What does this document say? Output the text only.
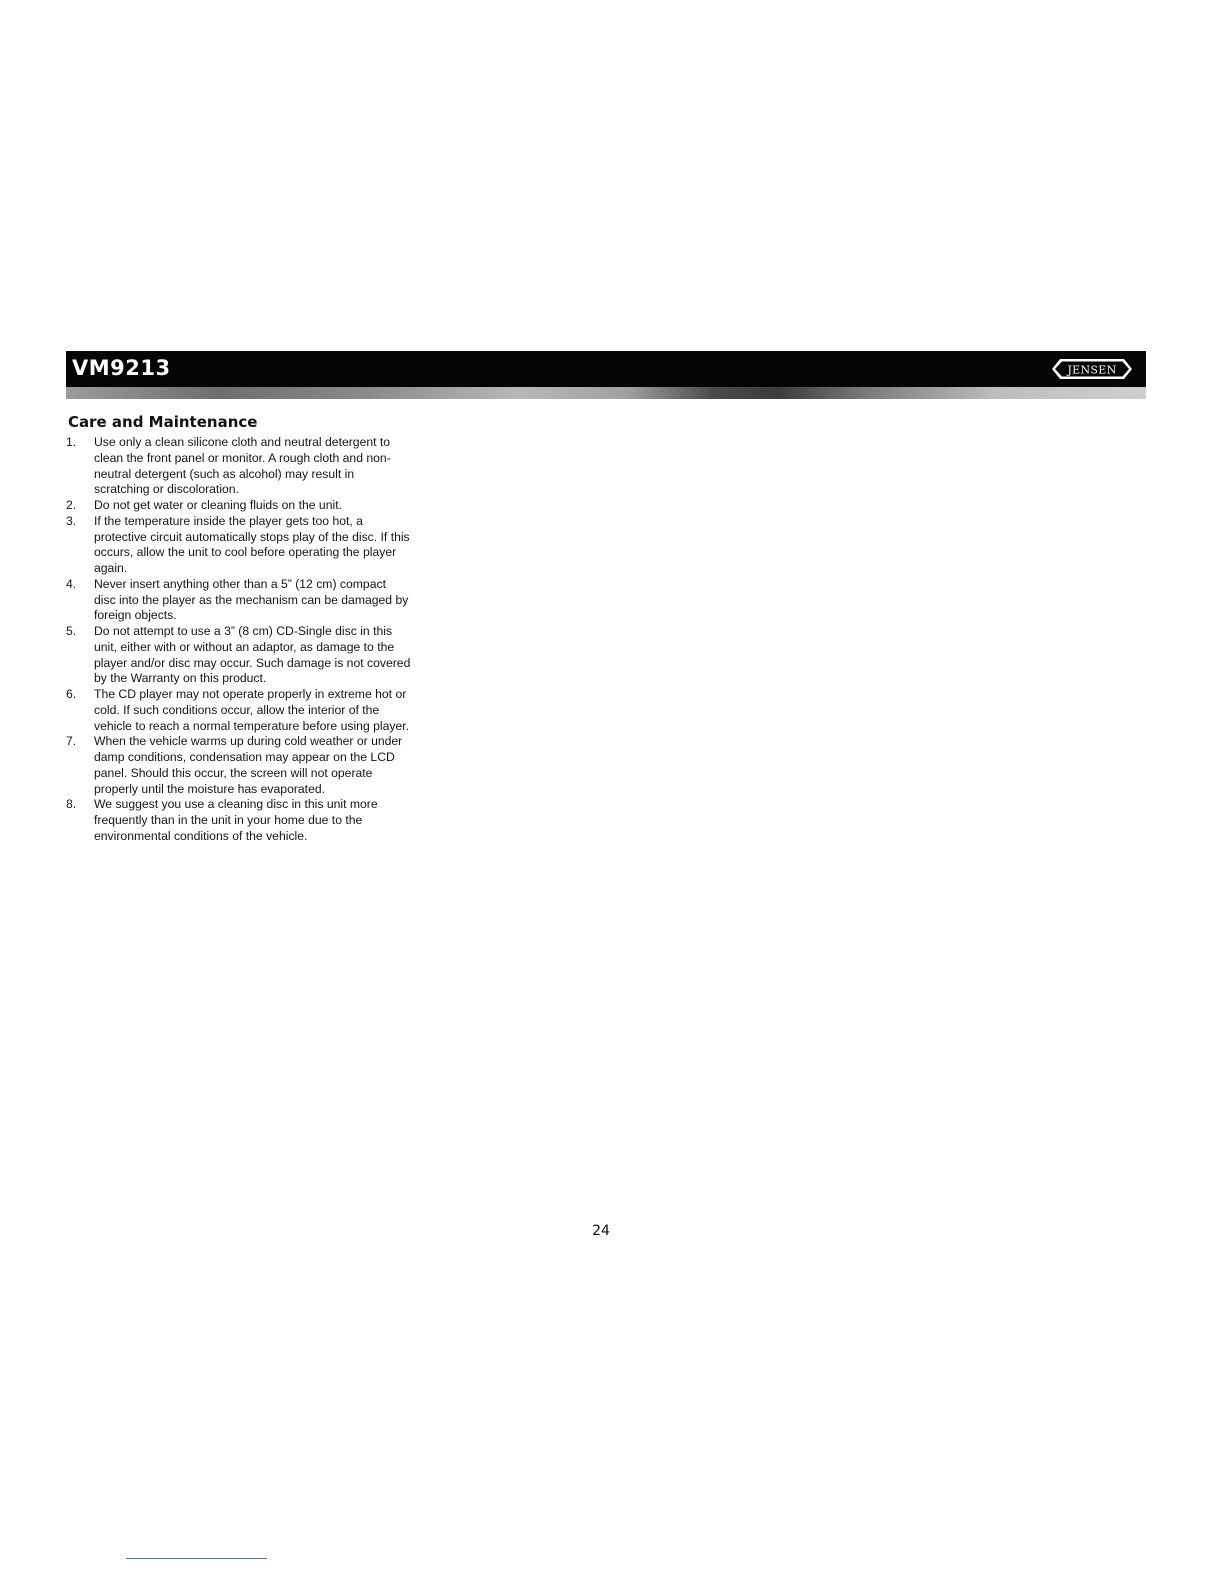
VM9213	JENSEN
Care and Maintenance
1.	Use only a clean silicone cloth and neutral detergent to clean the front panel or monitor. A rough cloth and non-neutral detergent (such as alcohol) may result in scratching or discoloration.
2.	Do not get water or cleaning fluids on the unit.
3.	If the temperature inside the player gets too hot, a protective circuit automatically stops play of the disc. If this occurs, allow the unit to cool before operating the player again.
4.	Never insert anything other than a 5” (12 cm) compact disc into the player as the mechanism can be damaged by foreign objects.
5.	Do not attempt to use a 3” (8 cm) CD-Single disc in this unit, either with or without an adaptor, as damage to the player and/or disc may occur. Such damage is not covered by the Warranty on this product.
6.	The CD player may not operate properly in extreme hot or cold. If such conditions occur, allow the interior of the vehicle to reach a normal temperature before using player.
7.	When the vehicle warms up during cold weather or under damp conditions, condensation may appear on the LCD panel. Should this occur, the screen will not operate properly until the moisture has evaporated.
8.	We suggest you use a cleaning disc in this unit more frequently than in the unit in your home due to the environmental conditions of the vehicle.
24
